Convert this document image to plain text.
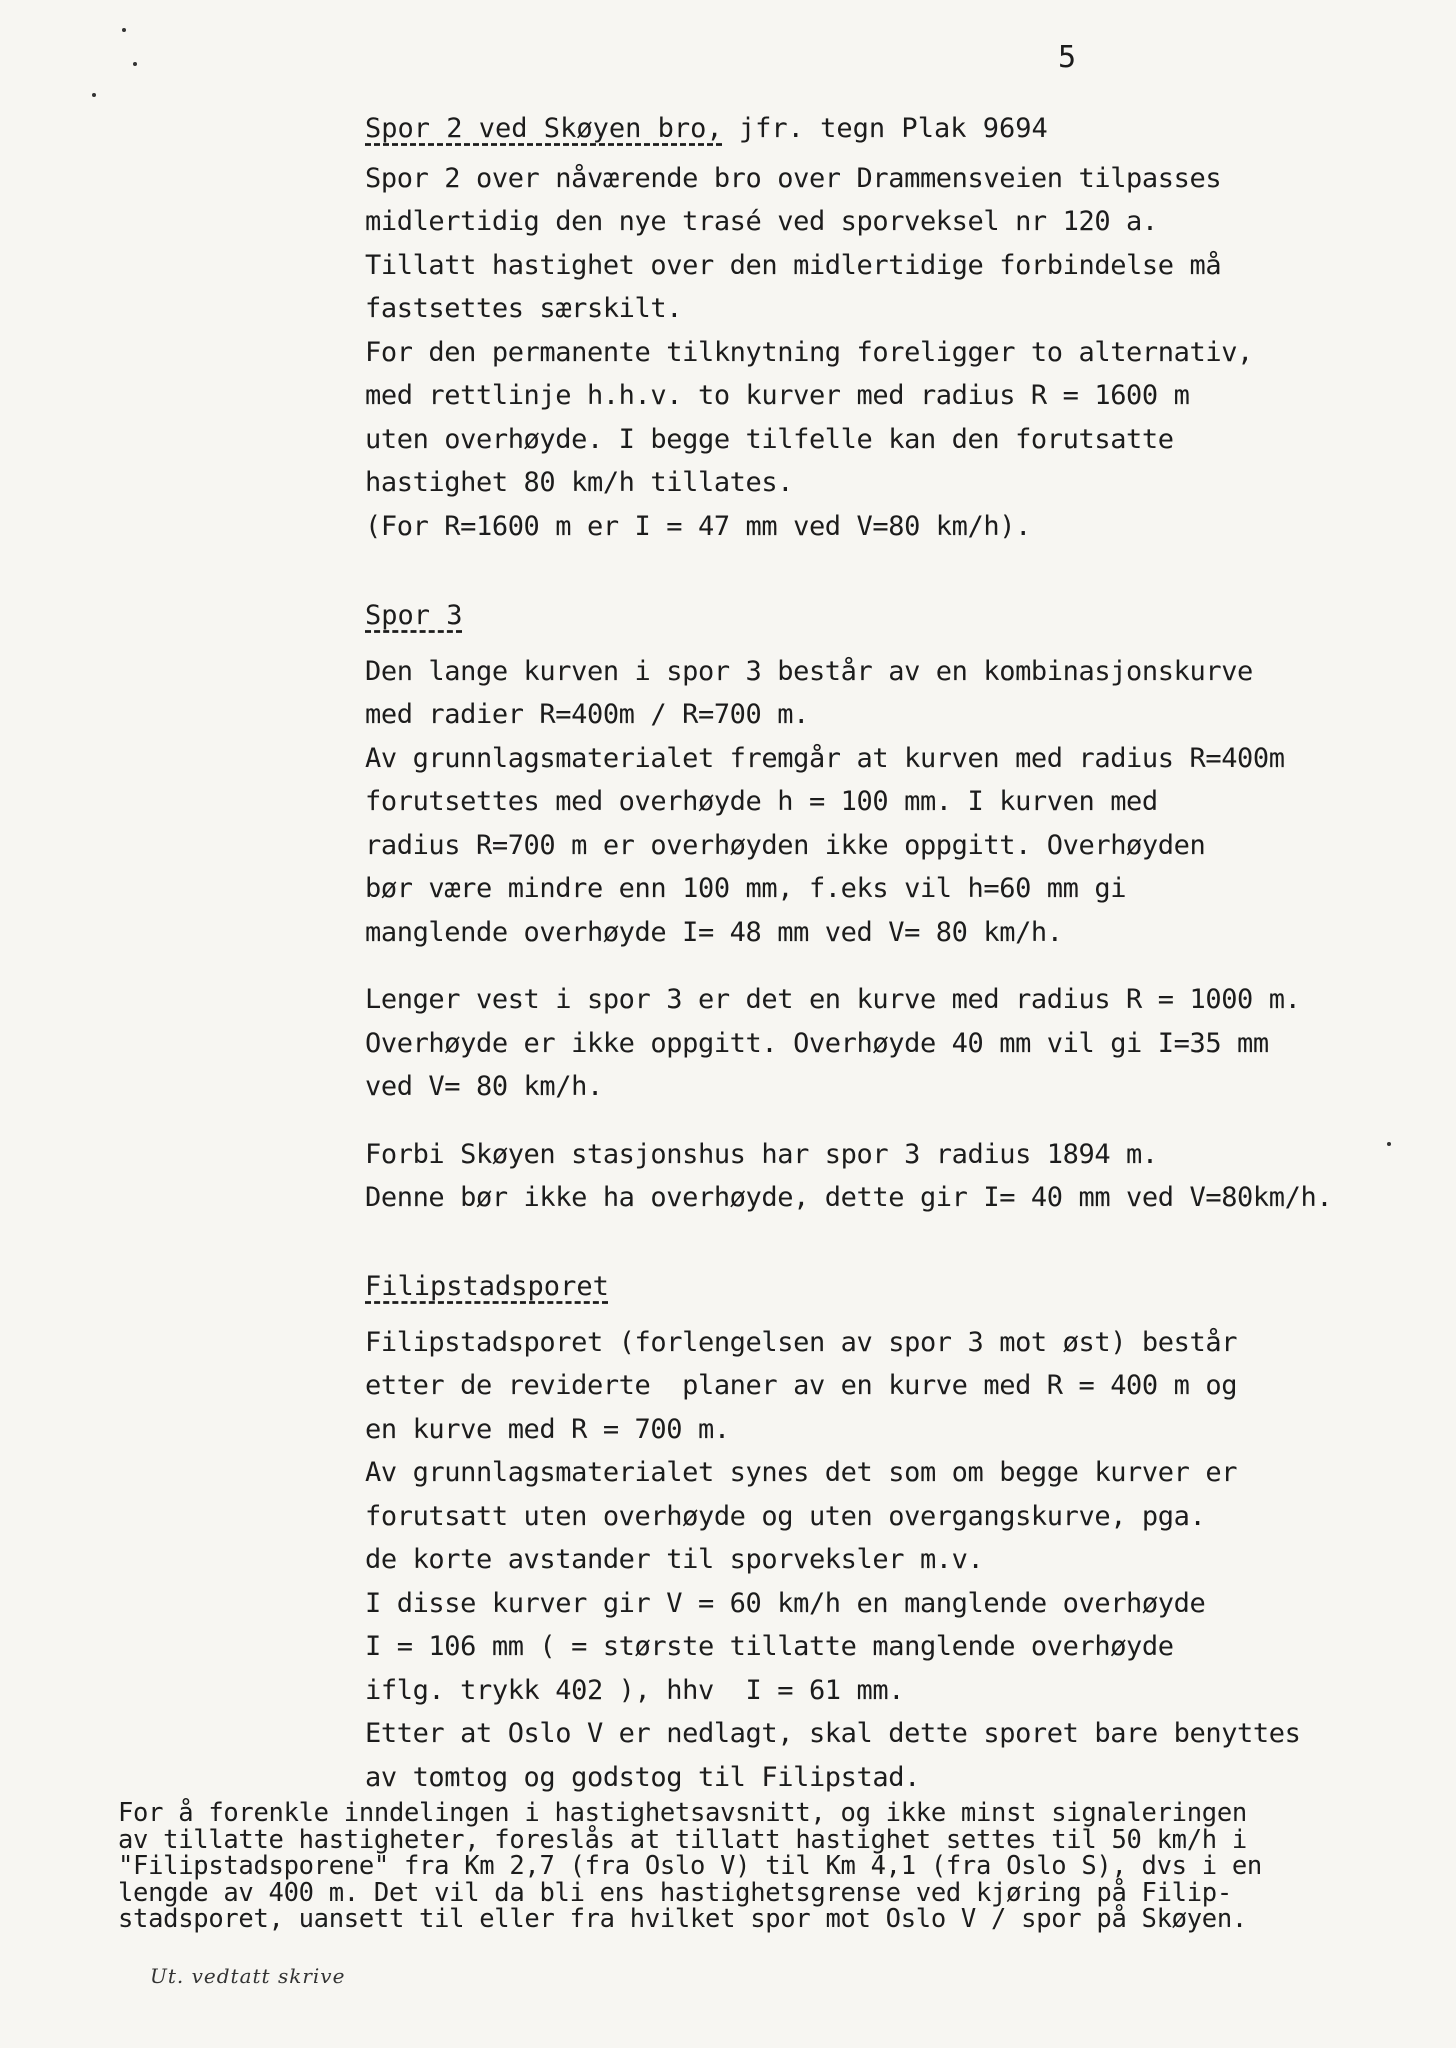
5
Spor 2 ved Skøyen bro, jfr. tegn Plak 9694
Spor 2 over nåværende bro over Drammensveien tilpasses
midlertidig den nye trasé ved sporveksel nr 120 a.
Tillatt hastighet over den midlertidige forbindelse må
fastsettes særskilt.
For den permanente tilknytning foreligger to alternativ,
med rettlinje h.h.v. to kurver med radius R = 1600 m
uten overhøyde. I begge tilfelle kan den forutsatte
hastighet 80 km/h tillates.
(For R=1600 m er I = 47 mm ved V=80 km/h).
Spor 3
Den lange kurven i spor 3 består av en kombinasjonskurve
med radier R=400m / R=700 m.
Av grunnlagsmaterialet fremgår at kurven med radius R=400m
forutsettes med overhøyde h = 100 mm. I kurven med
radius R=700 m er overhøyden ikke oppgitt. Overhøyden
bør være mindre enn 100 mm, f.eks vil h=60 mm gi
manglende overhøyde I= 48 mm ved V= 80 km/h.
Lenger vest i spor 3 er det en kurve med radius R = 1000 m.
Overhøyde er ikke oppgitt. Overhøyde 40 mm vil gi I=35 mm
ved V= 80 km/h.
Forbi Skøyen stasjonshus har spor 3 radius 1894 m.
Denne bør ikke ha overhøyde, dette gir I= 40 mm ved V=80km/h.
Filipstadsporet
Filipstadsporet (forlengelsen av spor 3 mot øst) består
etter de reviderte  planer av en kurve med R = 400 m og
en kurve med R = 700 m.
Av grunnlagsmaterialet synes det som om begge kurver er
forutsatt uten overhøyde og uten overgangskurve, pga.
de korte avstander til sporveksler m.v.
I disse kurver gir V = 60 km/h en manglende overhøyde
I = 106 mm ( = største tillatte manglende overhøyde
iflg. trykk 402 ), hhv  I = 61 mm.
Etter at Oslo V er nedlagt, skal dette sporet bare benyttes
av tomtog og godstog til Filipstad.
For å forenkle inndelingen i hastighetsavsnitt, og ikke minst signaleringen
av tillatte hastigheter, foreslås at tillatt hastighet settes til 50 km/h i
"Filipstadsporene" fra Km 2,7 (fra Oslo V) til Km 4,1 (fra Oslo S), dvs i en
lengde av 400 m. Det vil da bli ens hastighetsgrense ved kjøring på Filip-
stadsporet, uansett til eller fra hvilket spor mot Oslo V / spor på Skøyen.
Ut. vedtatt skrive
